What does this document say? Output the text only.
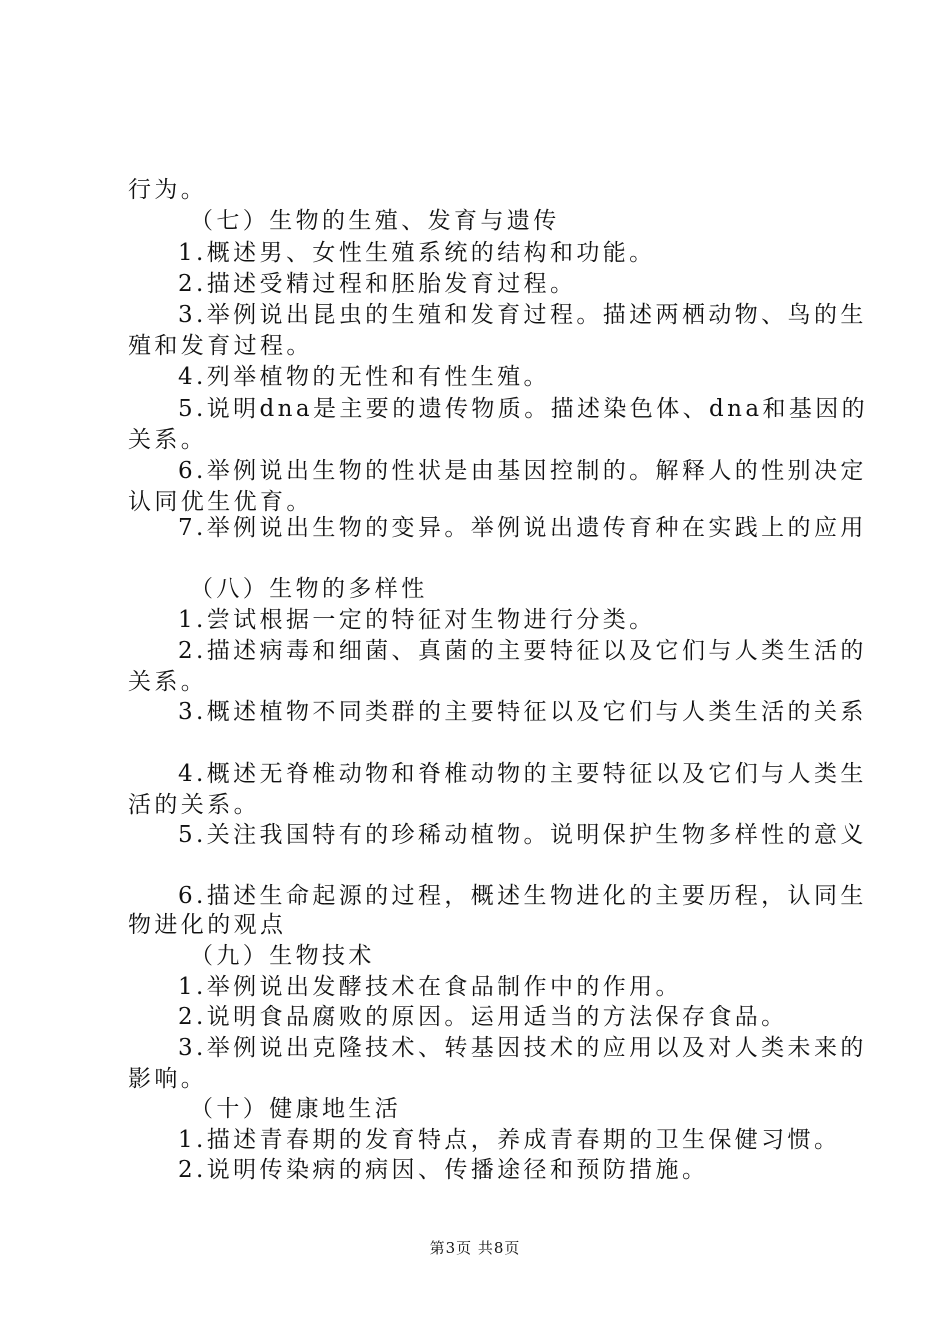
行为。
（七）生物的生殖、发育与遗传
1.概述男、女性生殖系统的结构和功能。
2.描述受精过程和胚胎发育过程。
3.举例说出昆虫的生殖和发育过程。描述两栖动物、鸟的生
殖和发育过程。
4.列举植物的无性和有性生殖。
5.说明dna是主要的遗传物质。描述染色体、dna和基因的
关系。
6.举例说出生物的性状是由基因控制的。解释人的性别决定
认同优生优育。
7.举例说出生物的变异。举例说出遗传育种在实践上的应用
（八）生物的多样性
1.尝试根据一定的特征对生物进行分类。
2.描述病毒和细菌、真菌的主要特征以及它们与人类生活的
关系。
3.概述植物不同类群的主要特征以及它们与人类生活的关系
4.概述无脊椎动物和脊椎动物的主要特征以及它们与人类生
活的关系。
5.关注我国特有的珍稀动植物。说明保护生物多样性的意义
6.描述生命起源的过程，概述生物进化的主要历程，认同生
物进化的观点
（九）生物技术
1.举例说出发酵技术在食品制作中的作用。
2.说明食品腐败的原因。运用适当的方法保存食品。
3.举例说出克隆技术、转基因技术的应用以及对人类未来的
影响。
（十）健康地生活
1.描述青春期的发育特点，养成青春期的卫生保健习惯。
2.说明传染病的病因、传播途径和预防措施。
第3页 共8页
